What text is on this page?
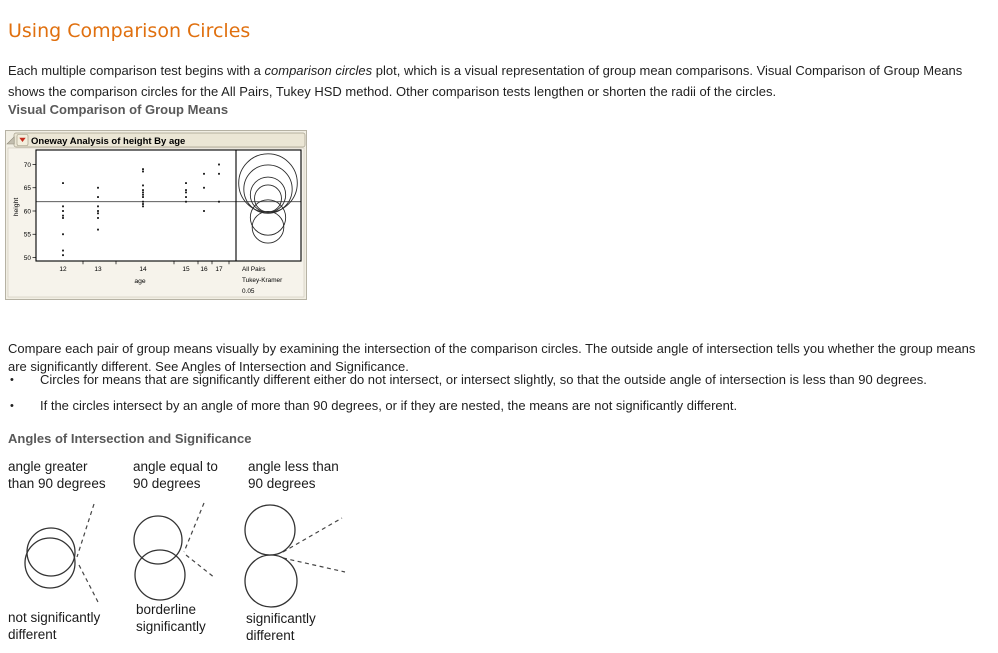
Using Comparison Circles

Each multiple comparison test begins with a comparison circles plot, which is a visual representation of group mean comparisons. Visual Comparison of Group Means shows the comparison circles for the All Pairs, Tukey HSD method. Other comparison tests lengthen or shorten the radii of the circles.

Visual Comparison of Group Means
Oneway Analysis of height By age
50
55
60
65
70
12	13	14	15 16 17
age
height
All Pairs
Tukey-Kramer
0.05

Compare each pair of group means visually by examining the intersection of the comparison circles. The outside angle of intersection tells you whether the group means are significantly different. See Angles of Intersection and Significance.

• Circles for means that are significantly different either do not intersect, or intersect slightly, so that the outside angle of intersection is less than 90 degrees.
• If the circles intersect by an angle of more than 90 degrees, or if they are nested, the means are not significantly different.
Angles of Intersection and Significance
angle greater
than 90 degrees
angle equal to
90 degrees
angle less than
90 degrees
not significantly
different
borderline
significantly
significantly
different
